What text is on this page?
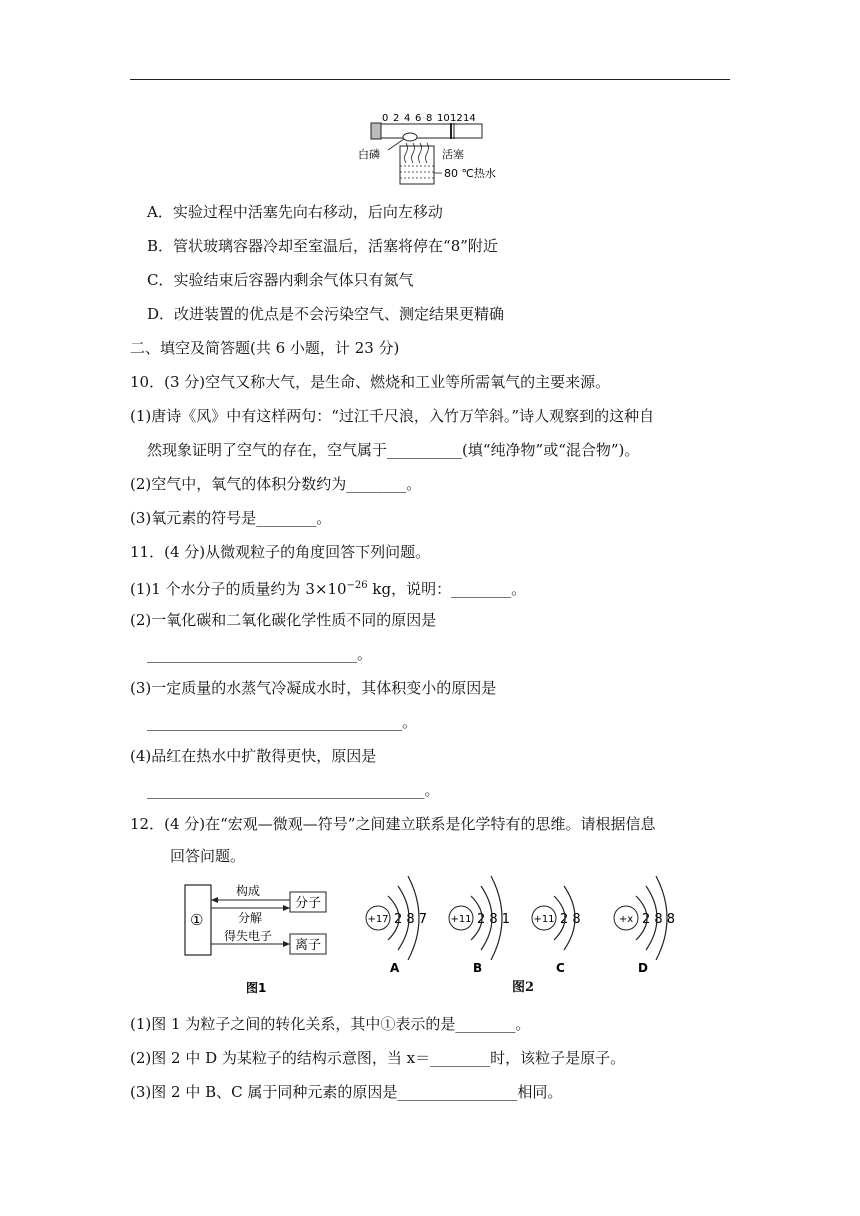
0 2 4 6 8 10 12 14
白磷	活塞
80 ℃热水
A．实验过程中活塞先向右移动，后向左移动
B．管状玻璃容器冷却至室温后，活塞将停在“8”附近
C．实验结束后容器内剩余气体只有氮气
D．改进装置的优点是不会污染空气、测定结果更精确
二、填空及简答题(共 6 小题，计 23 分)
10．(3 分)空气又称大气，是生命、燃烧和工业等所需氧气的主要来源。
(1)唐诗《风》中有这样两句：“过江千尺浪，入竹万竿斜。”诗人观察到的这种自
然现象证明了空气的存在，空气属于__________(填“纯净物”或“混合物”)。
(2)空气中，氧气的体积分数约为________。
(3)氧元素的符号是________。
11．(4 分)从微观粒子的角度回答下列问题。
(1)1 个水分子的质量约为 $3\times 10^{-26}$ kg，说明：________。
(2)一氧化碳和二氧化碳化学性质不同的原因是
____________________________。
(3)一定质量的水蒸气冷凝成水时，其体积变小的原因是
__________________________________。
(4)品红在热水中扩散得更快，原因是
_____________________________________。
12．(4 分)在“宏观—微观—符号”之间建立联系是化学特有的思维。请根据信息
回答问题。
①
构成
分解
得失电子
分子
离子
图1
+17 2 8 7
A
+11 2 8 1
B
+11 2 8
C
+x 2 8 8
D
图2
(1)图 1 为粒子之间的转化关系，其中①表示的是________。
(2)图 2 中 D 为某粒子的结构示意图，当 x＝________时，该粒子是原子。
(3)图 2 中 B、C 属于同种元素的原因是________________相同。
